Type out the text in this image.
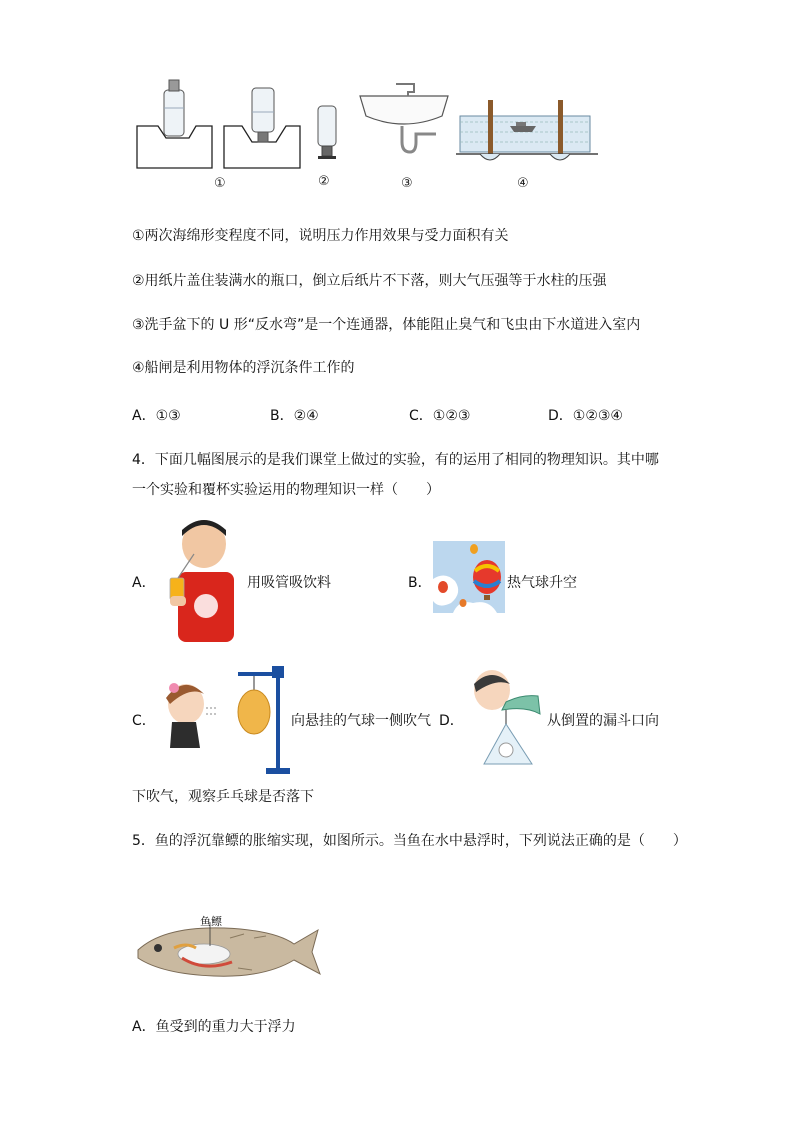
①	②	③	④
①两次海绵形变程度不同，说明压力作用效果与受力面积有关
②用纸片盖住装满水的瓶口，倒立后纸片不下落，则大气压强等于水柱的压强
③洗手盆下的 U 形“反水弯”是一个连通器，体能阻止臭气和飞虫由下水道进入室内
④船闸是利用物体的浮沉条件工作的
A．①③	B．②④	C．①②③	D．①②③④
4．下面几幅图展示的是我们课堂上做过的实验，有的运用了相同的物理知识。其中哪
一个实验和覆杯实验运用的物理知识一样（　　）
A．	用吸管吸饮料	B．	热气球升空
C．	向悬挂的气球一侧吹气 D．	从倒置的漏斗口向
下吹气，观察乒乓球是否落下
5．鱼的浮沉靠鳔的胀缩实现，如图所示。当鱼在水中悬浮时，下列说法正确的是（　　）
鱼鳔
A．鱼受到的重力大于浮力
